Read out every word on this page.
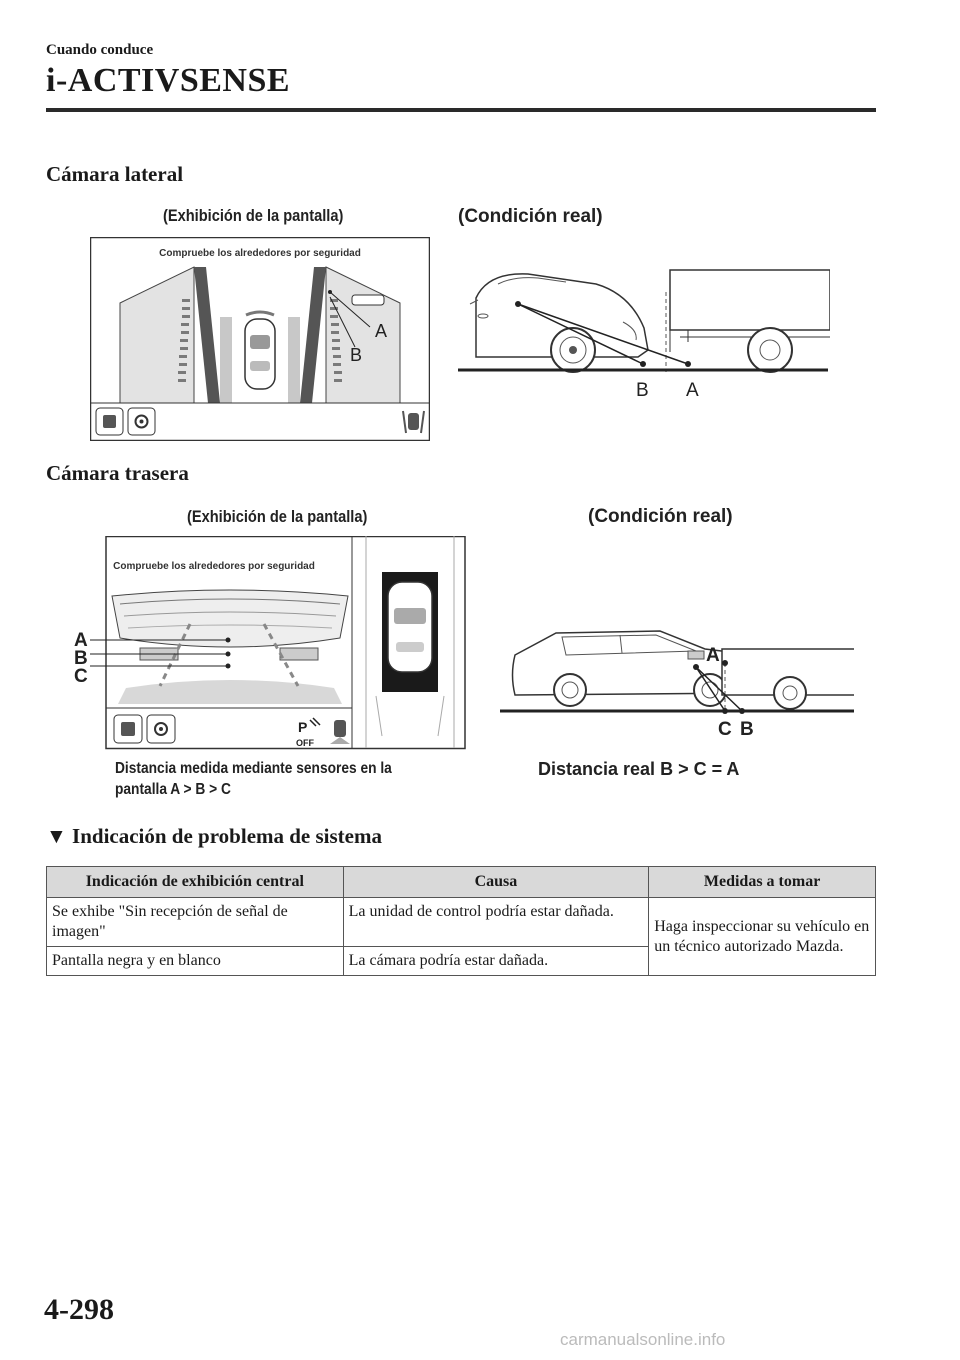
Cuando conduce
i-ACTIVSENSE
Cámara lateral
(Exhibición de la pantalla)	(Condición real)
Compruebe los alrededores por seguridad
A
B
B A
Cámara trasera
(Exhibición de la pantalla)	(Condición real)
Compruebe los alrededores por seguridad
A
B
C
P
OFF
Distancia medida mediante sensores en la
pantalla A > B > C
A
C B
Distancia real B > C = A
▼ Indicación de problema de sistema
Indicación de exhibición central	Causa	Medidas a tomar
Se exhibe "Sin recepción de señal de imagen"	La unidad de control podría estar dañada.	Haga inspeccionar su vehículo en un técnico autorizado Mazda.
Pantalla negra y en blanco	La cámara podría estar dañada.	
4-298
carmanualsonline.info
